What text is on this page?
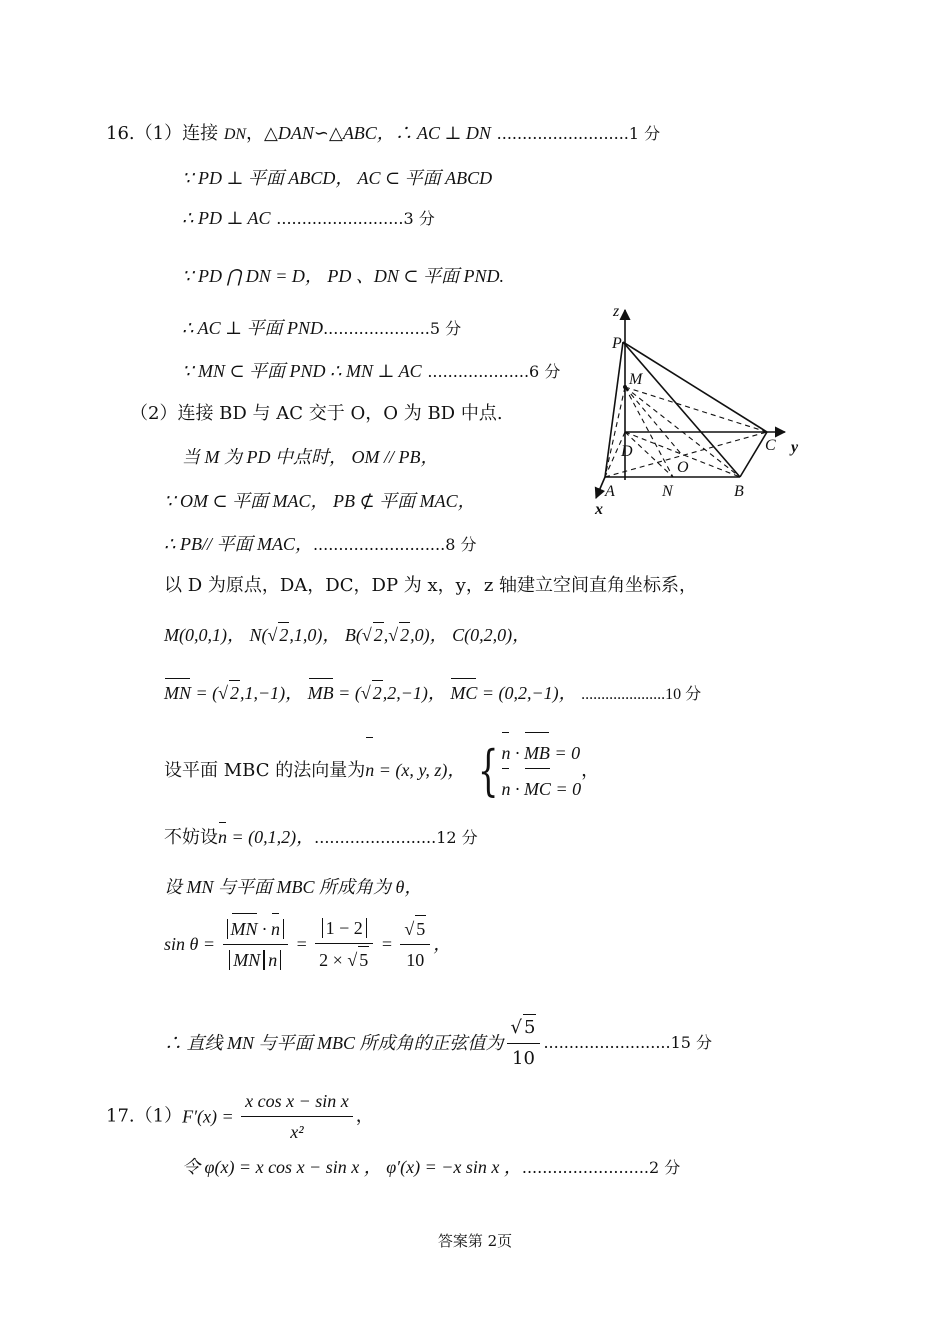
16.（1）连接 DN，△DAN∽△ABC，∴ AC ⊥ DN ..........................1 分
∵ PD ⊥ 平面 ABCD， AC ⊂ 平面 ABCD
∴ PD ⊥ AC .........................3 分
∵ PD ⋂ DN = D， PD 、DN ⊂ 平面 PND.
∴ AC ⊥ 平面 PND.....................5 分
∵ MN ⊂ 平面 PND ∴ MN ⊥ AC ....................6 分
（2）连接 BD 与 AC 交于 O，O 为 BD 中点.
当 M 为 PD 中点时， OM // PB，
∵ OM ⊂ 平面 MAC， PB ⊄ 平面 MAC，
∴ PB// 平面 MAC，..........................8 分
以 D 为原点，DA，DC，DP 为 x，y，z 轴建立空间直角坐标系，
M(0,0,1)， N(√ 2,1,0)， B(√ 2,√ 2,0)， C(0,2,0)，
MN = (√ 2,1,−1)， MB = (√ 2,2,−1)， MC = (0,2,−1)， .....................10 分
设平面 MBC 的法向量为n = (x, y, z)， { n · MB = 0
n · MC = 0
，
不妨设n = (0,1,2)，........................12 分
设 MN 与平面 MBC 所成角为 θ，
$\sin \theta = \frac{MN \cdot n}{\text{MN n}} = \frac{1 - 2}{2 \times √ 5} = \frac{√ 5}{10}$ ，
∴ 直线 MN 与平面 MBC 所成角的正弦值为 $\frac{√ 5}{10} .........................15$ 分
$17.(1)F'(x) = \frac{\text{x cos x − sin x}}{\text{x²}}$ ，
令 φ(x) = x cos x − sin x ， φ′(x) = −x sin x ，.........................2 分
z
P
M
C y
D
O
A	N	B
x
答案第 2页
